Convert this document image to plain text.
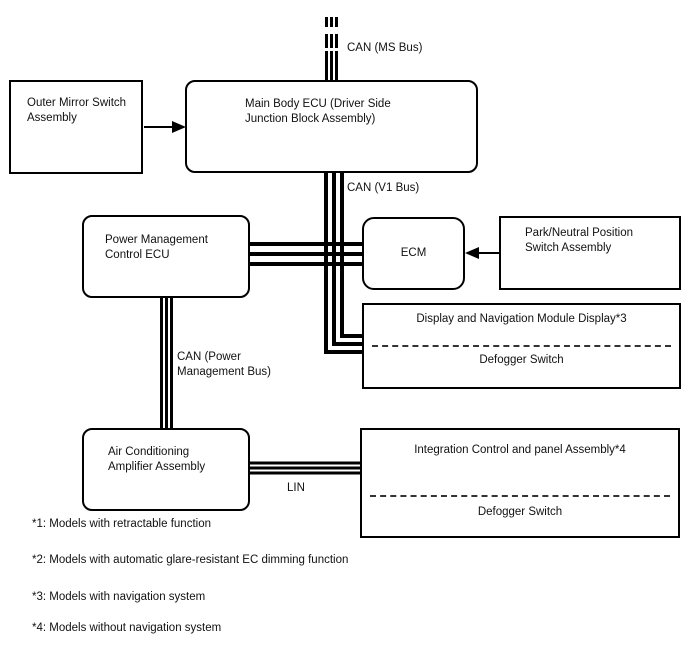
Outer Mirror Switch Assembly
Main Body ECU (Driver Side Junction Block Assembly)
Power Management Control ECU	ECM
Park/Neutral Position Switch Assembly
Display and Navigation Module Display*3
Defogger Switch
Air Conditioning Amplifier Assembly
Integration Control and panel Assembly*4
Defogger Switch
CAN (MS Bus)
CAN (V1 Bus)
CAN (Power Management Bus)
LIN
*1: Models with retractable function
*2: Models with automatic glare-resistant EC dimming function
*3: Models with navigation system
*4: Models without navigation system
